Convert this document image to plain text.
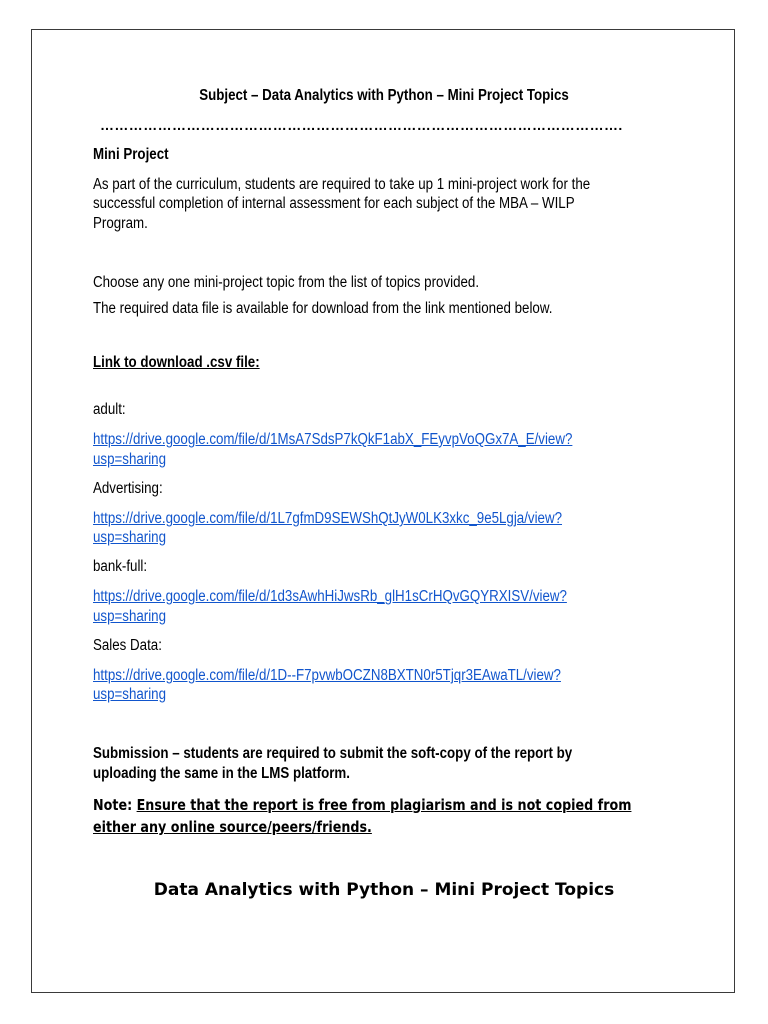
Subject – Data Analytics with Python – Mini Project Topics
……………………………………………………………………………………………….
Mini Project
As part of the curriculum, students are required to take up 1 mini-project work for the
successful completion of internal assessment for each subject of the MBA – WILP
Program.
Choose any one mini-project topic from the list of topics provided.
The required data file is available for download from the link mentioned below.
Link to download .csv file:
adult:
https://drive.google.com/file/d/1MsA7SdsP7kQkF1abX_FEyvpVoQGx7A_E/view?
usp=sharing
Advertising:
https://drive.google.com/file/d/1L7gfmD9SEWShQtJyW0LK3xkc_9e5Lgja/view?
usp=sharing
bank-full:
https://drive.google.com/file/d/1d3sAwhHiJwsRb_glH1sCrHQvGQYRXISV/view?
usp=sharing
Sales Data:
https://drive.google.com/file/d/1D--F7pvwbOCZN8BXTN0r5Tjqr3EAwaTL/view?
usp=sharing
Submission – students are required to submit the soft-copy of the report by
uploading the same in the LMS platform.
Note: Ensure that the report is free from plagiarism and is not copied from
either any online source/peers/friends.
Data Analytics with Python – Mini Project Topics
